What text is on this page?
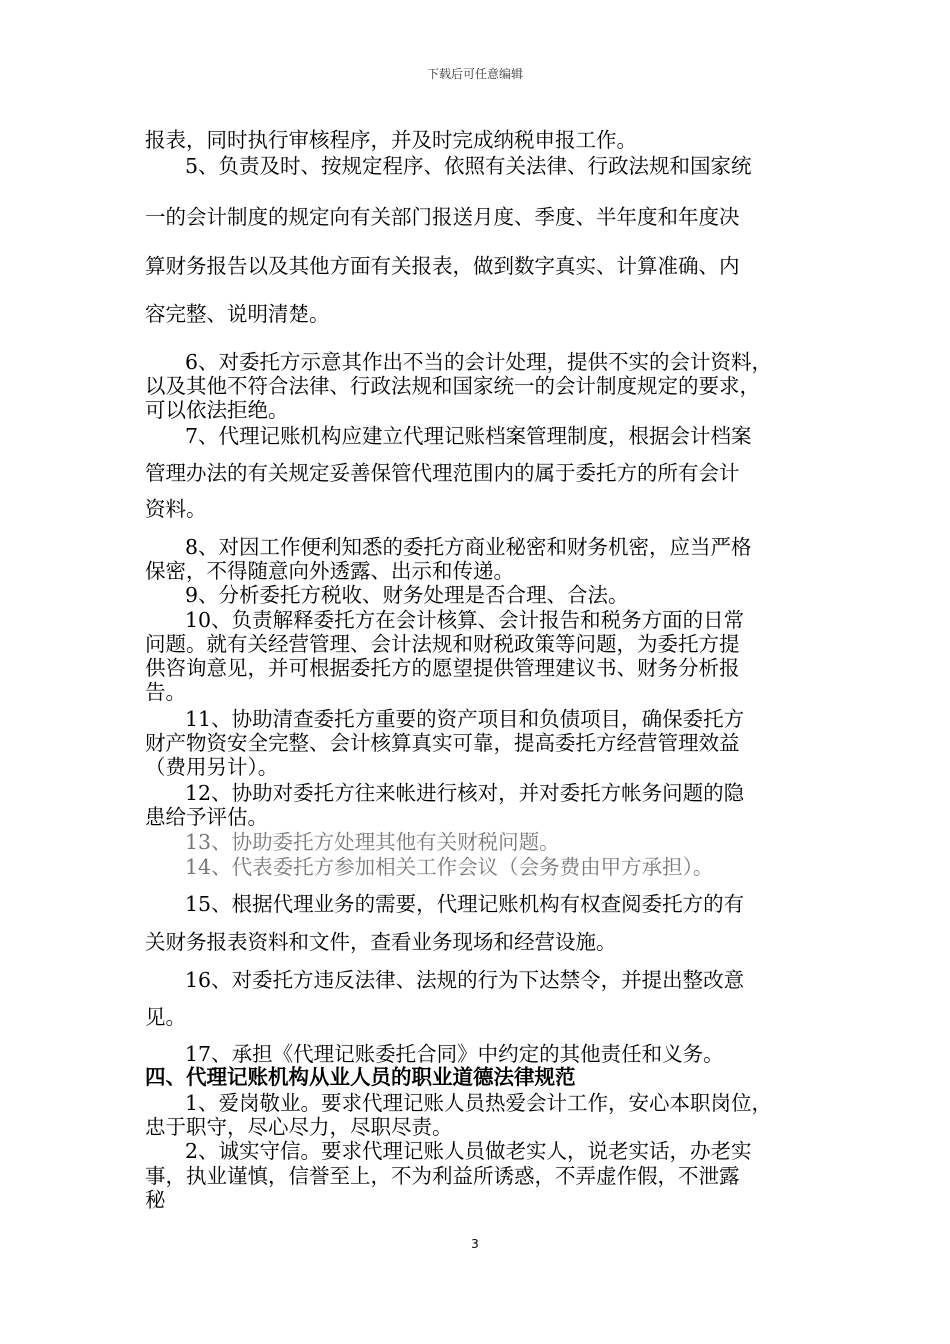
下载后可任意编辑
报表，同时执行审核程序，并及时完成纳税申报工作。
5、负责及时、按规定程序、依照有关法律、行政法规和国家统
一的会计制度的规定向有关部门报送月度、季度、半年度和年度决
算财务报告以及其他方面有关报表，做到数字真实、计算准确、内
容完整、说明清楚。
6、对委托方示意其作出不当的会计处理，提供不实的会计资料，
以及其他不符合法律、行政法规和国家统一的会计制度规定的要求，
可以依法拒绝。
7、代理记账机构应建立代理记账档案管理制度，根据会计档案
管理办法的有关规定妥善保管代理范围内的属于委托方的所有会计
资料。
8、对因工作便利知悉的委托方商业秘密和财务机密，应当严格
保密，不得随意向外透露、出示和传递。
9、分析委托方税收、财务处理是否合理、合法。
10、负责解释委托方在会计核算、会计报告和税务方面的日常
问题。就有关经营管理、会计法规和财税政策等问题，为委托方提
供咨询意见，并可根据委托方的愿望提供管理建议书、财务分析报
告。
11、协助清查委托方重要的资产项目和负债项目，确保委托方
财产物资安全完整、会计核算真实可靠，提高委托方经营管理效益
（费用另计）。
12、协助对委托方往来帐进行核对，并对委托方帐务问题的隐
患给予评估。
13、协助委托方处理其他有关财税问题。
14、代表委托方参加相关工作会议（会务费由甲方承担）。
15、根据代理业务的需要，代理记账机构有权查阅委托方的有
关财务报表资料和文件，查看业务现场和经营设施。
16、对委托方违反法律、法规的行为下达禁令，并提出整改意
见。
17、承担《代理记账委托合同》中约定的其他责任和义务。
四、代理记账机构从业人员的职业道德法律规范
1、爱岗敬业。要求代理记账人员热爱会计工作，安心本职岗位，
忠于职守，尽心尽力，尽职尽责。
2、诚实守信。要求代理记账人员做老实人，说老实话，办老实
事，执业谨慎，信誉至上，不为利益所诱惑，不弄虚作假，不泄露
秘
3
